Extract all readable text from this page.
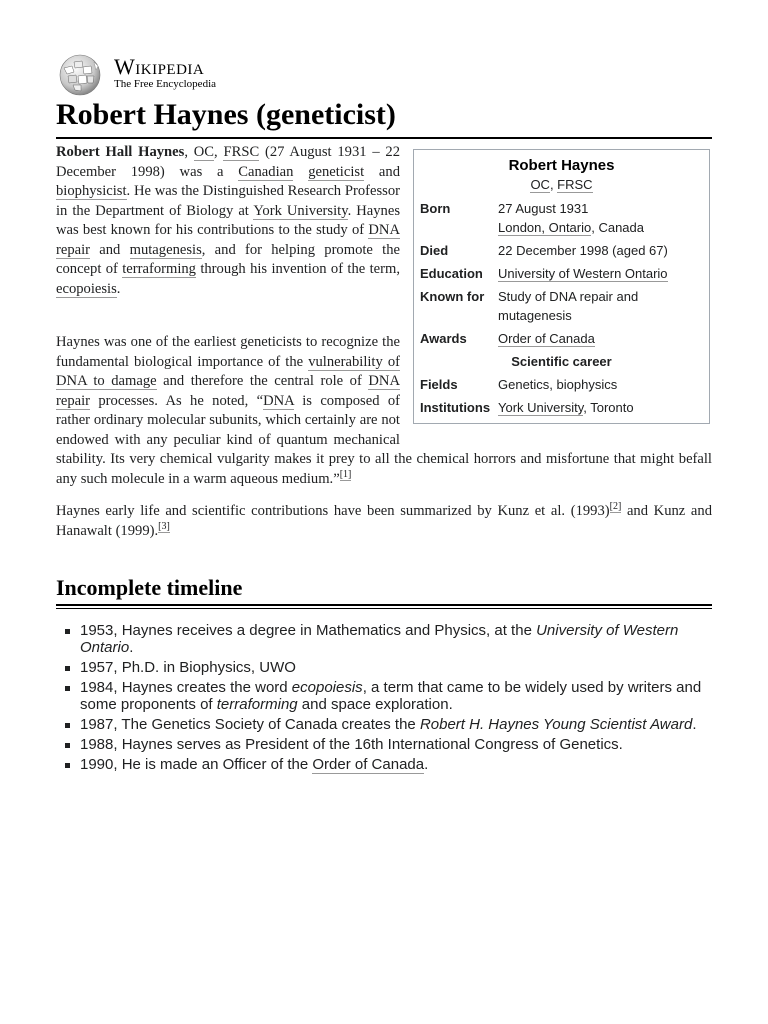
Wikipedia
The Free Encyclopedia
Robert Haynes (geneticist)
Robert Haynes
OC, FRSC
Born	27 August 1931
London, Ontario, Canada
Died	22 December 1998 (aged 67)
Education	University of Western Ontario
Known for	Study of DNA repair and mutagenesis
Awards	Order of Canada
Scientific career
Fields	Genetics, biophysics
Institutions York University, Toronto
Robert Hall Haynes, OC, FRSC (27 August 1931 – 22 December 1998) was a Canadian geneticist and biophysicist. He was the Distinguished Research Professor in the Department of Biology at York University. Haynes was best known for his contributions to the study of DNA repair and mutagenesis, and for helping promote the concept of terraforming through his invention of the term, ecopoiesis.
Haynes was one of the earliest geneticists to recognize the fundamental biological importance of the vulnerability of DNA to damage and therefore the central role of DNA repair processes. As he noted, “DNA is composed of rather ordinary molecular subunits, which certainly are not endowed with any peculiar kind of quantum mechanical stability. Its very chemical vulgarity makes it prey to all the chemical horrors and misfortune that might befall any such molecule in a warm aqueous medium.”[1]
Haynes early life and scientific contributions have been summarized by Kunz et al. (1993)[2] and Kunz and Hanawalt (1999).[3]
Incomplete timeline
1953, Haynes receives a degree in Mathematics and Physics, at the University of Western Ontario.
1957, Ph.D. in Biophysics, UWO
1984, Haynes creates the word ecopoiesis, a term that came to be widely used by writers and some proponents of terraforming and space exploration.
1987, The Genetics Society of Canada creates the Robert H. Haynes Young Scientist Award.
1988, Haynes serves as President of the 16th International Congress of Genetics.
1990, He is made an Officer of the Order of Canada.
